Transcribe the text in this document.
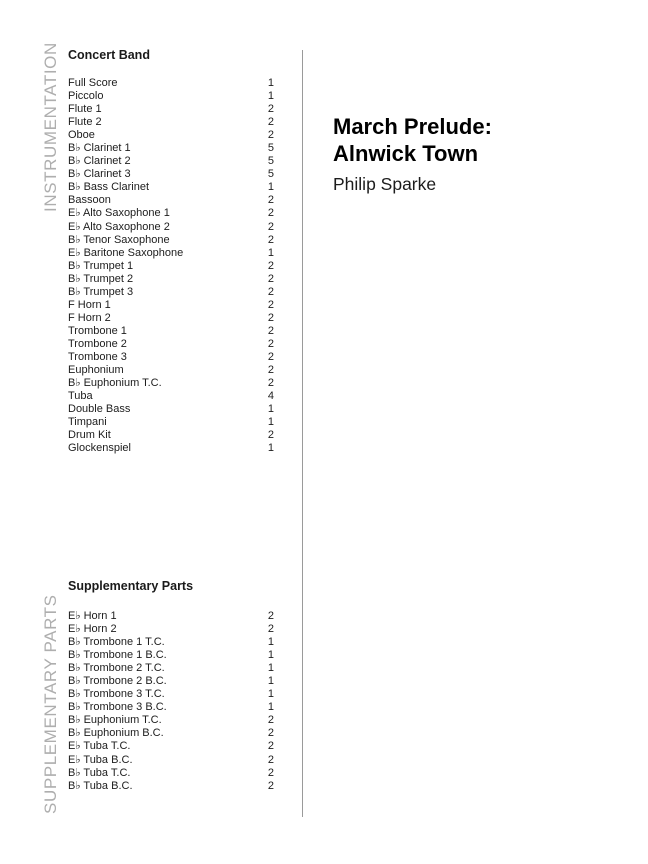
INSTRUMENTATION
SUPPLEMENTARY PARTS
Concert Band
Full Score	1
Piccolo	1
Flute 1	2
Flute 2	2
Oboe	2
B♭ Clarinet 1	5
B♭ Clarinet 2	5
B♭ Clarinet 3	5
B♭ Bass Clarinet	1
Bassoon	2
E♭ Alto Saxophone 1	2
E♭ Alto Saxophone 2	2
B♭ Tenor Saxophone	2
E♭ Baritone Saxophone	1
B♭ Trumpet 1	2
B♭ Trumpet 2	2
B♭ Trumpet 3	2
F Horn 1	2
F Horn 2	2
Trombone 1	2
Trombone 2	2
Trombone 3	2
Euphonium	2
B♭ Euphonium T.C.	2
Tuba	4
Double Bass	1
Timpani	1
Drum Kit	2
Glockenspiel	1
Supplementary Parts
E♭ Horn 1	2
E♭ Horn 2	2
B♭ Trombone 1 T.C.	1
B♭ Trombone 1 B.C.	1
B♭ Trombone 2 T.C.	1
B♭ Trombone 2 B.C.	1
B♭ Trombone 3 T.C.	1
B♭ Trombone 3 B.C.	1
B♭ Euphonium T.C.	2
B♭ Euphonium B.C.	2
E♭ Tuba T.C.	2
E♭ Tuba B.C.	2
B♭ Tuba T.C.	2
B♭ Tuba B.C.	2
March Prelude:
Alnwick Town
Philip Sparke
